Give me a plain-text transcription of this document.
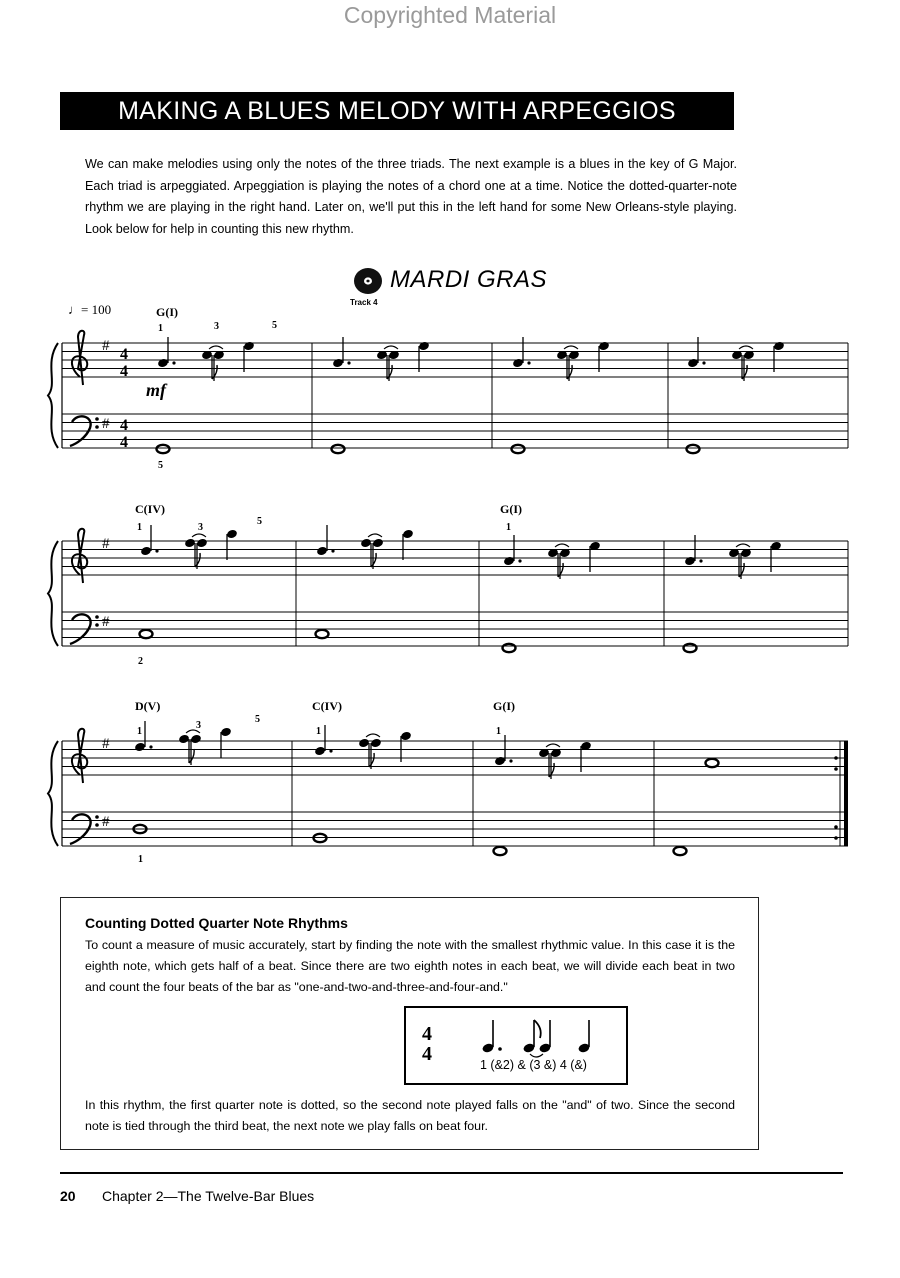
Copyrighted Material
MAKING A BLUES MELODY WITH ARPEGGIOS
We can make melodies using only the notes of the three triads. The next example is a blues in the key of G Major. Each triad is arpeggiated. Arpeggiation is playing the notes of a chord one at a time. Notice the dotted-quarter-note rhythm we are playing in the right hand. Later on, we'll put this in the left hand for some New Orleans-style playing. Look below for help in counting this new rhythm.
MARDI GRAS
Track 4
♩= 100
#
#
4
4
4
4
#
#
#
#
G(I)
C(IV)	G(I)
D(V)	C(IV)	G(I)
1	3	5
5
1	3
5
1
2
1
3
5
1	1
1
mf
Counting Dotted Quarter Note Rhythms
To count a measure of music accurately, start by finding the note with the smallest rhythmic value. In this case it is the eighth note, which gets half of a beat. Since there are two eighth notes in each beat, we will divide each beat in two and count the four beats of the bar as "one-and-two-and-three-and-four-and."
4
4	1 (&2) & (3 &) 4 (&)
In this rhythm, the first quarter note is dotted, so the second note played falls on the "and" of two. Since the second note is tied through the third beat, the next note we play falls on beat four.
20 Chapter 2—The Twelve-Bar Blues
